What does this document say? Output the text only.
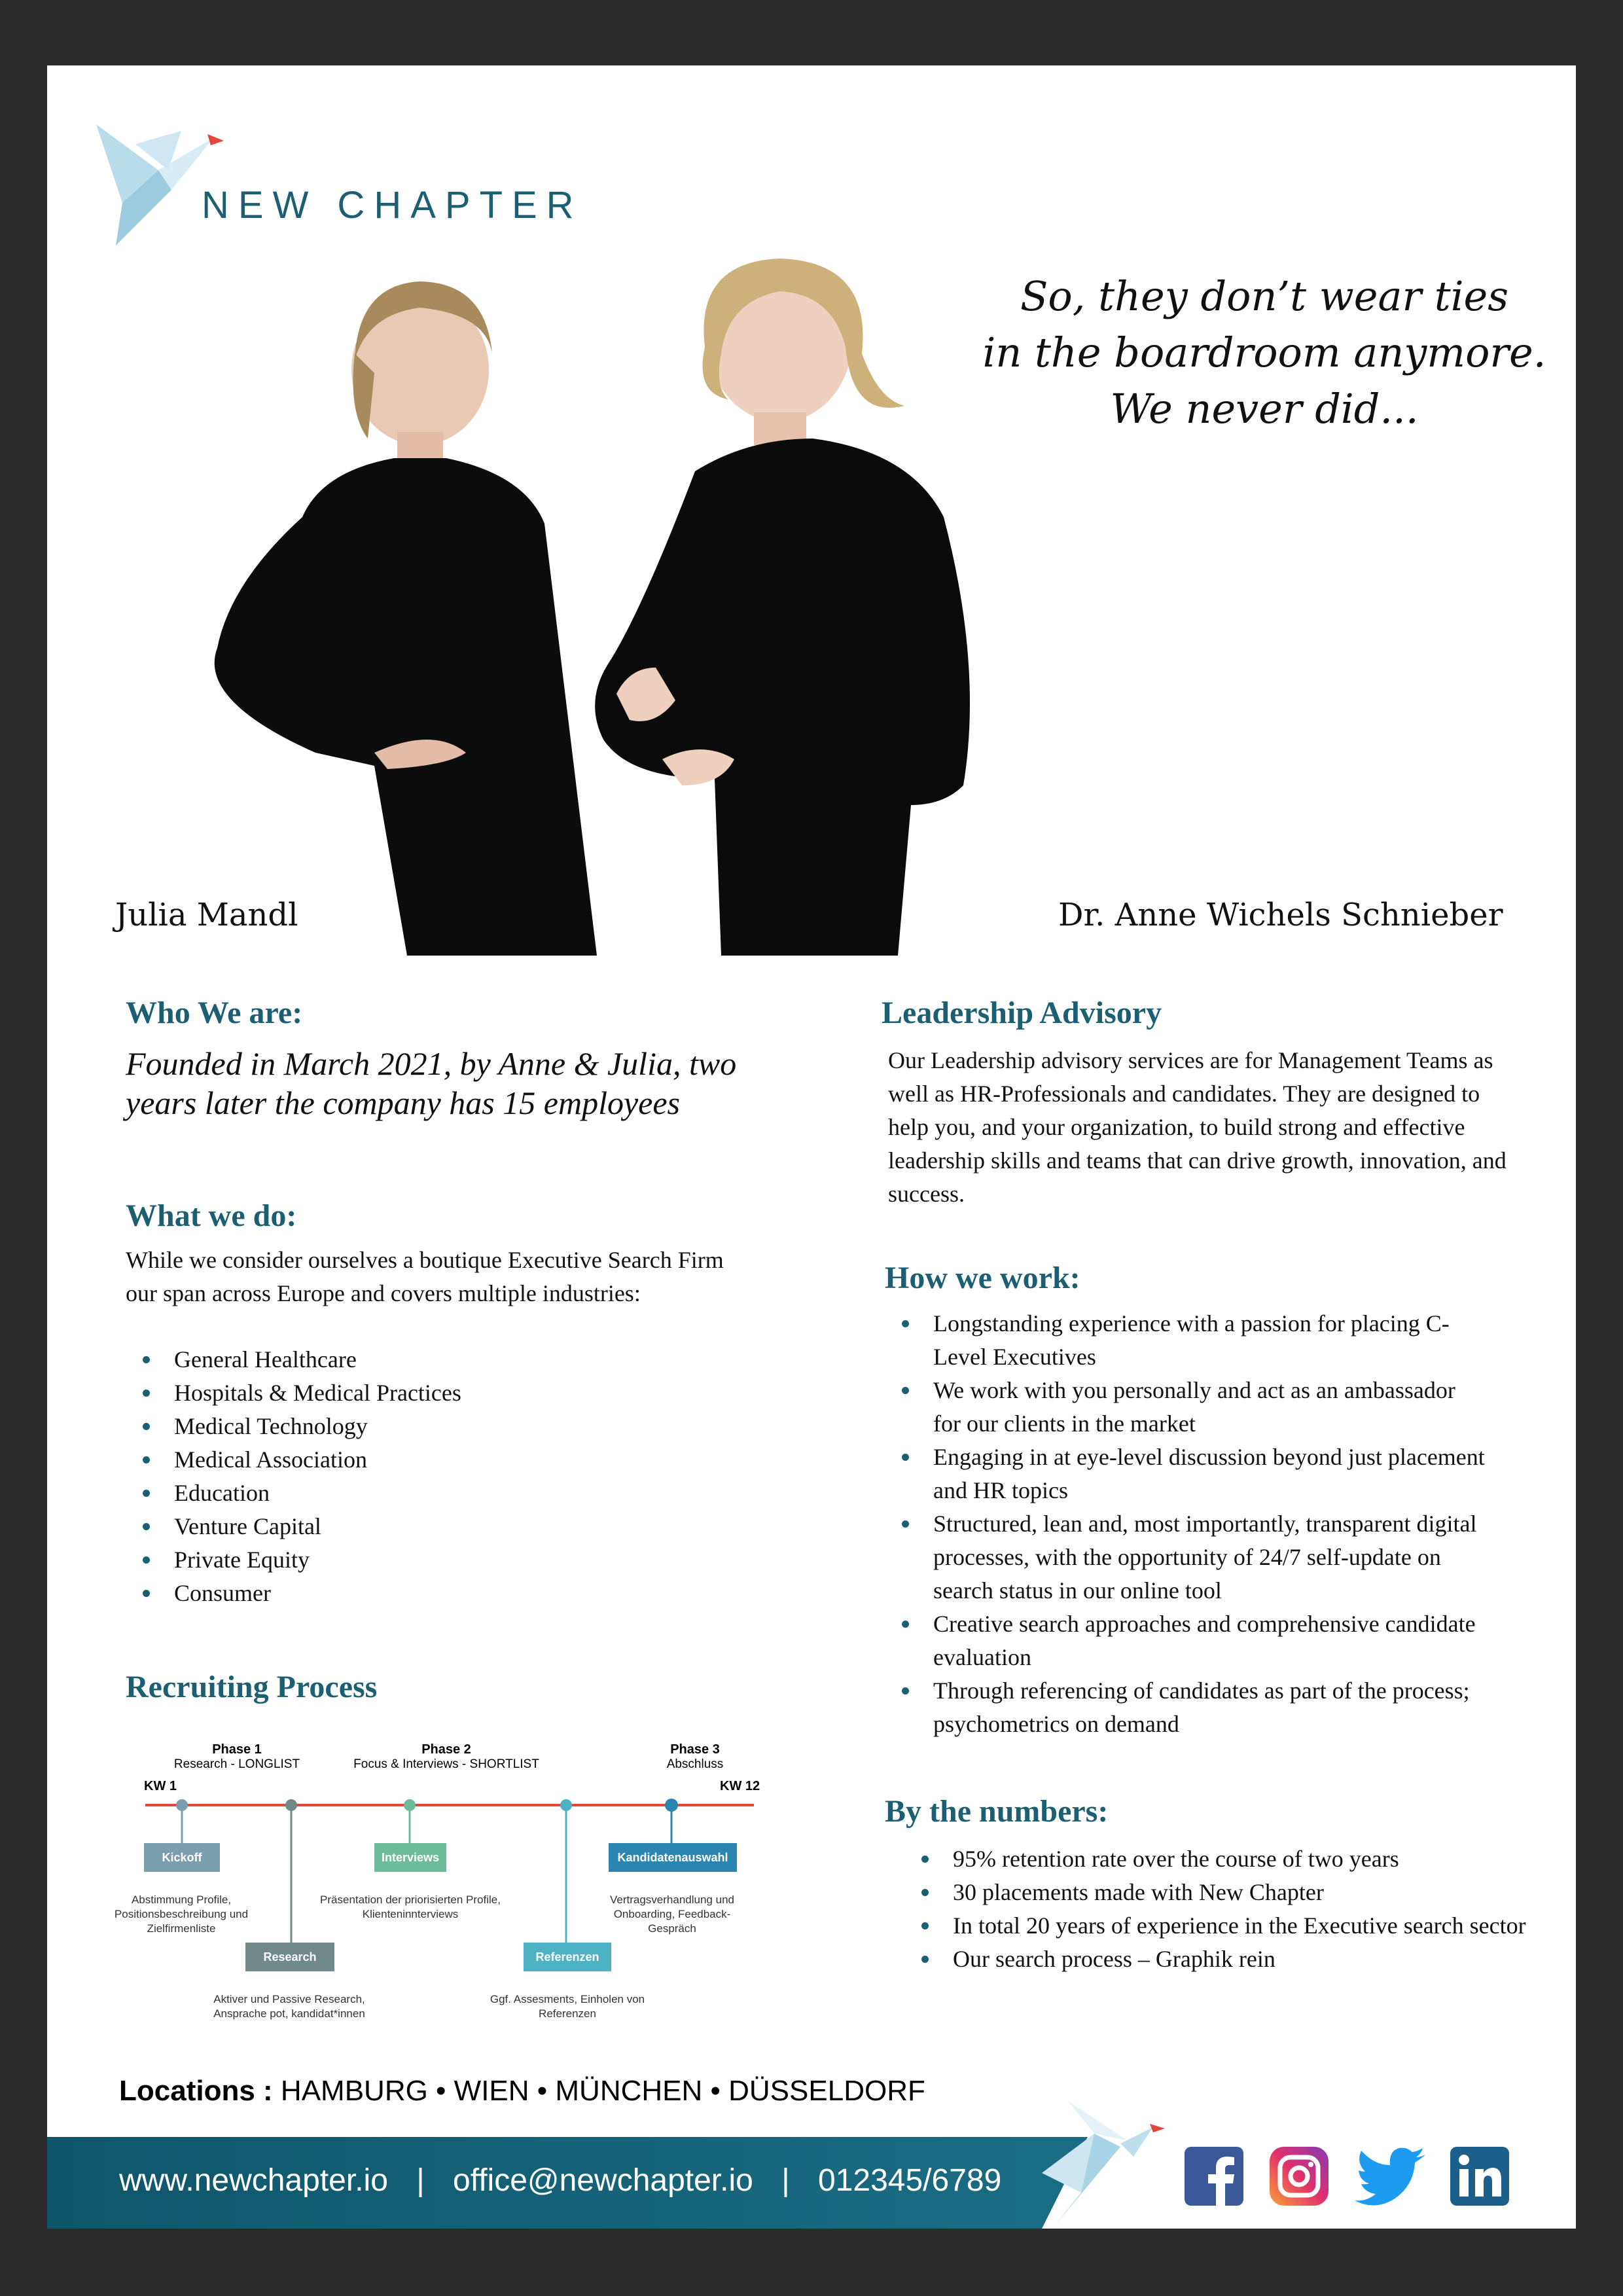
NEW CHAPTER
So, they don’t wear ties
in the boardroom anymore.
We never did...
Julia Mandl	Dr. Anne Wichels Schnieber
Who We are:
Founded in March 2021, by Anne & Julia, two years later the company has 15 employees
What we do:
While we consider ourselves a boutique Executive Search Firm our span across Europe and covers multiple industries:
General Healthcare
Hospitals & Medical Practices
Medical Technology
Medical Association
Education
Venture Capital
Private Equity
Consumer
Recruiting Process
Phase 1
Research - LONGLIST
Phase 2
Focus & Interviews - SHORTLIST
Phase 3
Abschluss
KW 1	KW 12
Kickoff
Abstimmung Profile, Positionsbeschreibung und Zielfirmenliste
Research
Aktiver und Passive Research, Ansprache pot, kandidat*innen
Interviews
Präsentation der priorisierten Profile, Klienteninnterviews
Referenzen
Ggf. Assesments, Einholen von Referenzen
Kandidatenauswahl
Vertragsverhandlung und Onboarding, Feedback-Gespräch
Leadership Advisory
Our Leadership advisory services are for Management Teams as well as HR-Professionals and candidates. They are designed to help you, and your organization, to build strong and effective leadership skills and teams that can drive growth, innovation, and success.
How we work:
Longstanding experience with a passion for placing C-Level Executives
We work with you personally and act as an ambassador for our clients in the market
Engaging in at eye-level discussion beyond just placement and HR topics
Structured, lean and, most importantly, transparent digital processes, with the opportunity of 24/7 self-update on search status in our online tool
Creative search approaches and comprehensive candidate evaluation
Through referencing of candidates as part of the process; psychometrics on demand
By the numbers:
95% retention rate over the course of two years
30 placements made with New Chapter
In total 20 years of experience in the Executive search sector
Our search process – Graphik rein
Locations : HAMBURG • WIEN • MÜNCHEN • DÜSSELDORF
www.newchapter.io | office@newchapter.io | 012345/6789
